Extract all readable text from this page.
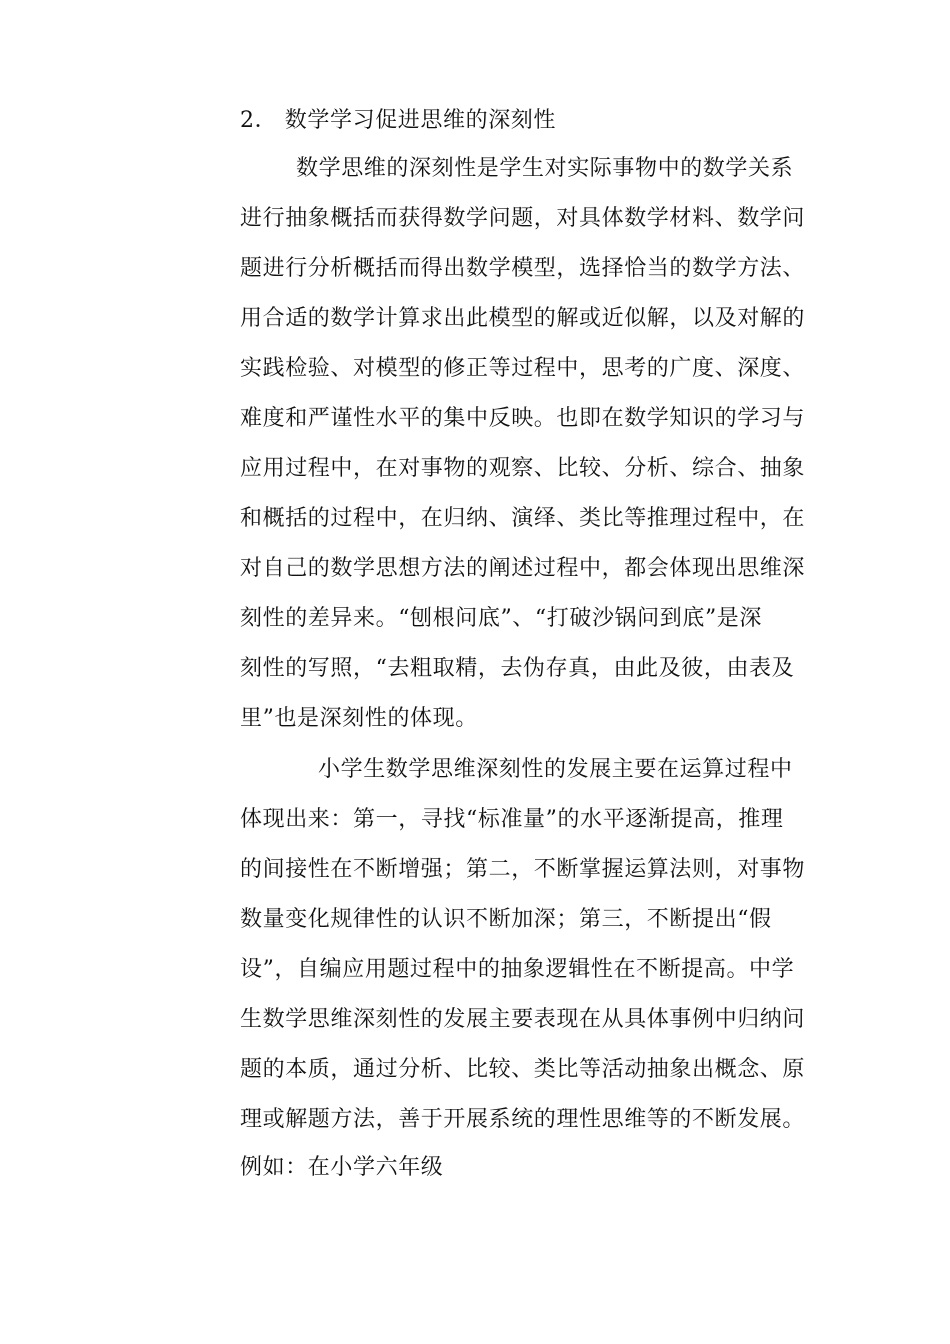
2． 数学学习促进思维的深刻性
数学思维的深刻性是学生对实际事物中的数学关系
进行抽象概括而获得数学问题，对具体数学材料、数学问
题进行分析概括而得出数学模型，选择恰当的数学方法、
用合适的数学计算求出此模型的解或近似解，以及对解的
实践检验、对模型的修正等过程中，思考的广度、深度、
难度和严谨性水平的集中反映。也即在数学知识的学习与
应用过程中，在对事物的观察、比较、分析、综合、抽象
和概括的过程中，在归纳、演绎、类比等推理过程中，在
对自己的数学思想方法的阐述过程中，都会体现出思维深
刻性的差异来。“刨根问底”、“打破沙锅问到底”是深
刻性的写照，“去粗取精，去伪存真，由此及彼，由表及
里”也是深刻性的体现。
小学生数学思维深刻性的发展主要在运算过程中
体现出来：第一，寻找“标准量”的水平逐渐提高，推理
的间接性在不断增强；第二，不断掌握运算法则，对事物
数量变化规律性的认识不断加深；第三，不断提出“假
设”，自编应用题过程中的抽象逻辑性在不断提高。中学
生数学思维深刻性的发展主要表现在从具体事例中归纳问
题的本质，通过分析、比较、类比等活动抽象出概念、原
理或解题方法，善于开展系统的理性思维等的不断发展。
例如：在小学六年级
